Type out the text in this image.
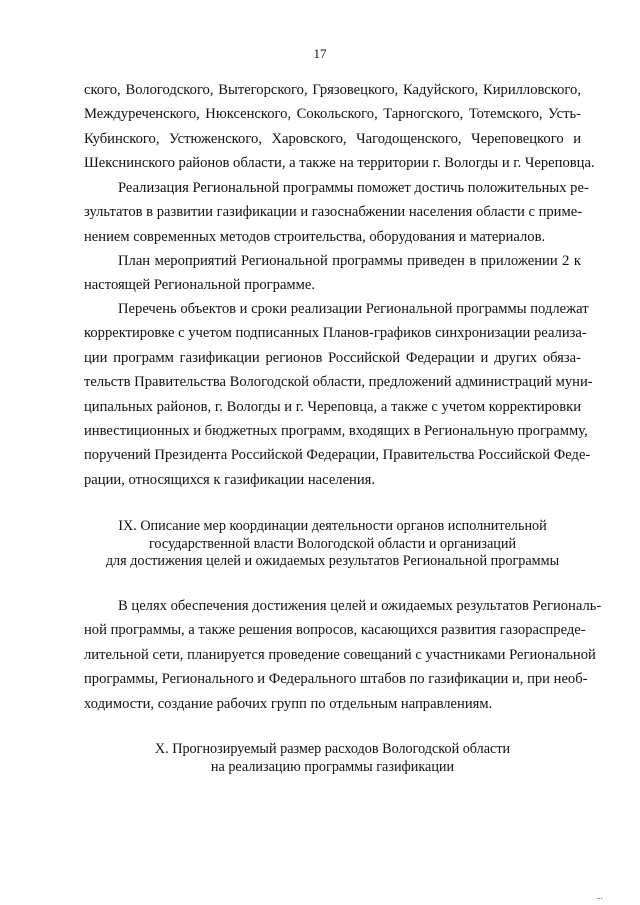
17
ского, Вологодского, Вытегорского, Грязовецкого, Кадуйского, Кирилловского,
Междуреченского, Нюксенского, Сокольского, Тарногского, Тотемского, Усть-
Кубинского, Устюженского, Харовского, Чагодощенского, Череповецкого и
Шекснинского районов области, а также на территории г. Вологды и г. Череповца.
Реализация Региональной программы поможет достичь положительных ре-
зультатов в развитии газификации и газоснабжении населения области с приме-
нением современных методов строительства, оборудования и материалов.
План мероприятий Региональной программы приведен в приложении 2 к
настоящей Региональной программе.
Перечень объектов и сроки реализации Региональной программы подлежат
корректировке с учетом подписанных Планов-графиков синхронизации реализа-
ции программ газификации регионов Российской Федерации и других обяза-
тельств Правительства Вологодской области, предложений администраций муни-
ципальных районов, г. Вологды и г. Череповца, а также с учетом корректировки
инвестиционных и бюджетных программ, входящих в Региональную программу,
поручений Президента Российской Федерации, Правительства Российской Феде-
рации, относящихся к газификации населения.
IX. Описание мер координации деятельности органов исполнительной
государственной власти Вологодской области и организаций
для достижения целей и ожидаемых результатов Региональной программы
В целях обеспечения достижения целей и ожидаемых результатов Региональ-
ной программы, а также решения вопросов, касающихся развития газораспреде-
лительной сети, планируется проведение совещаний с участниками Региональной
программы, Регионального и Федерального штабов по газификации и, при необ-
ходимости, создание рабочих групп по отдельным направлениям.
X. Прогнозируемый размер расходов Вологодской области
на реализацию программы газификации
...
